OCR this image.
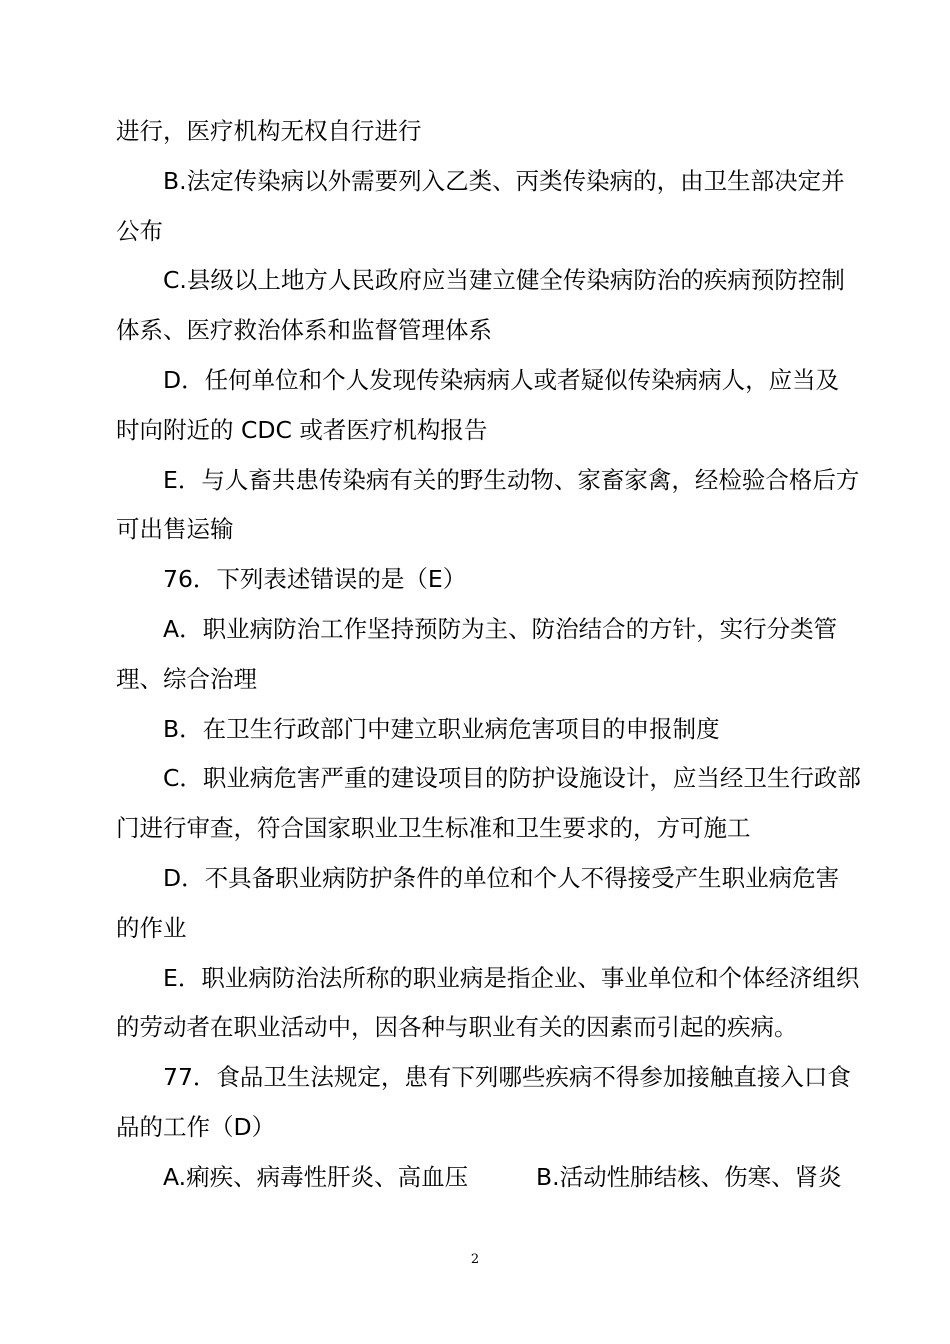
进行，医疗机构无权自行进行
B.法定传染病以外需要列入乙类、丙类传染病的，由卫生部决定并
公布
C.县级以上地方人民政府应当建立健全传染病防治的疾病预防控制
体系、医疗救治体系和监督管理体系
D．任何单位和个人发现传染病病人或者疑似传染病病人，应当及
时向附近的 CDC 或者医疗机构报告
E．与人畜共患传染病有关的野生动物、家畜家禽，经检验合格后方
可出售运输
76．下列表述错误的是（E）
A．职业病防治工作坚持预防为主、防治结合的方针，实行分类管
理、综合治理
B．在卫生行政部门中建立职业病危害项目的申报制度
C．职业病危害严重的建设项目的防护设施设计，应当经卫生行政部
门进行审查，符合国家职业卫生标准和卫生要求的，方可施工
D．不具备职业病防护条件的单位和个人不得接受产生职业病危害
的作业
E．职业病防治法所称的职业病是指企业、事业单位和个体经济组织
的劳动者在职业活动中，因各种与职业有关的因素而引起的疾病。
77．食品卫生法规定，患有下列哪些疾病不得参加接触直接入口食
品的工作（D）
A.痢疾、病毒性肝炎、高血压	B.活动性肺结核、伤寒、肾炎
2
